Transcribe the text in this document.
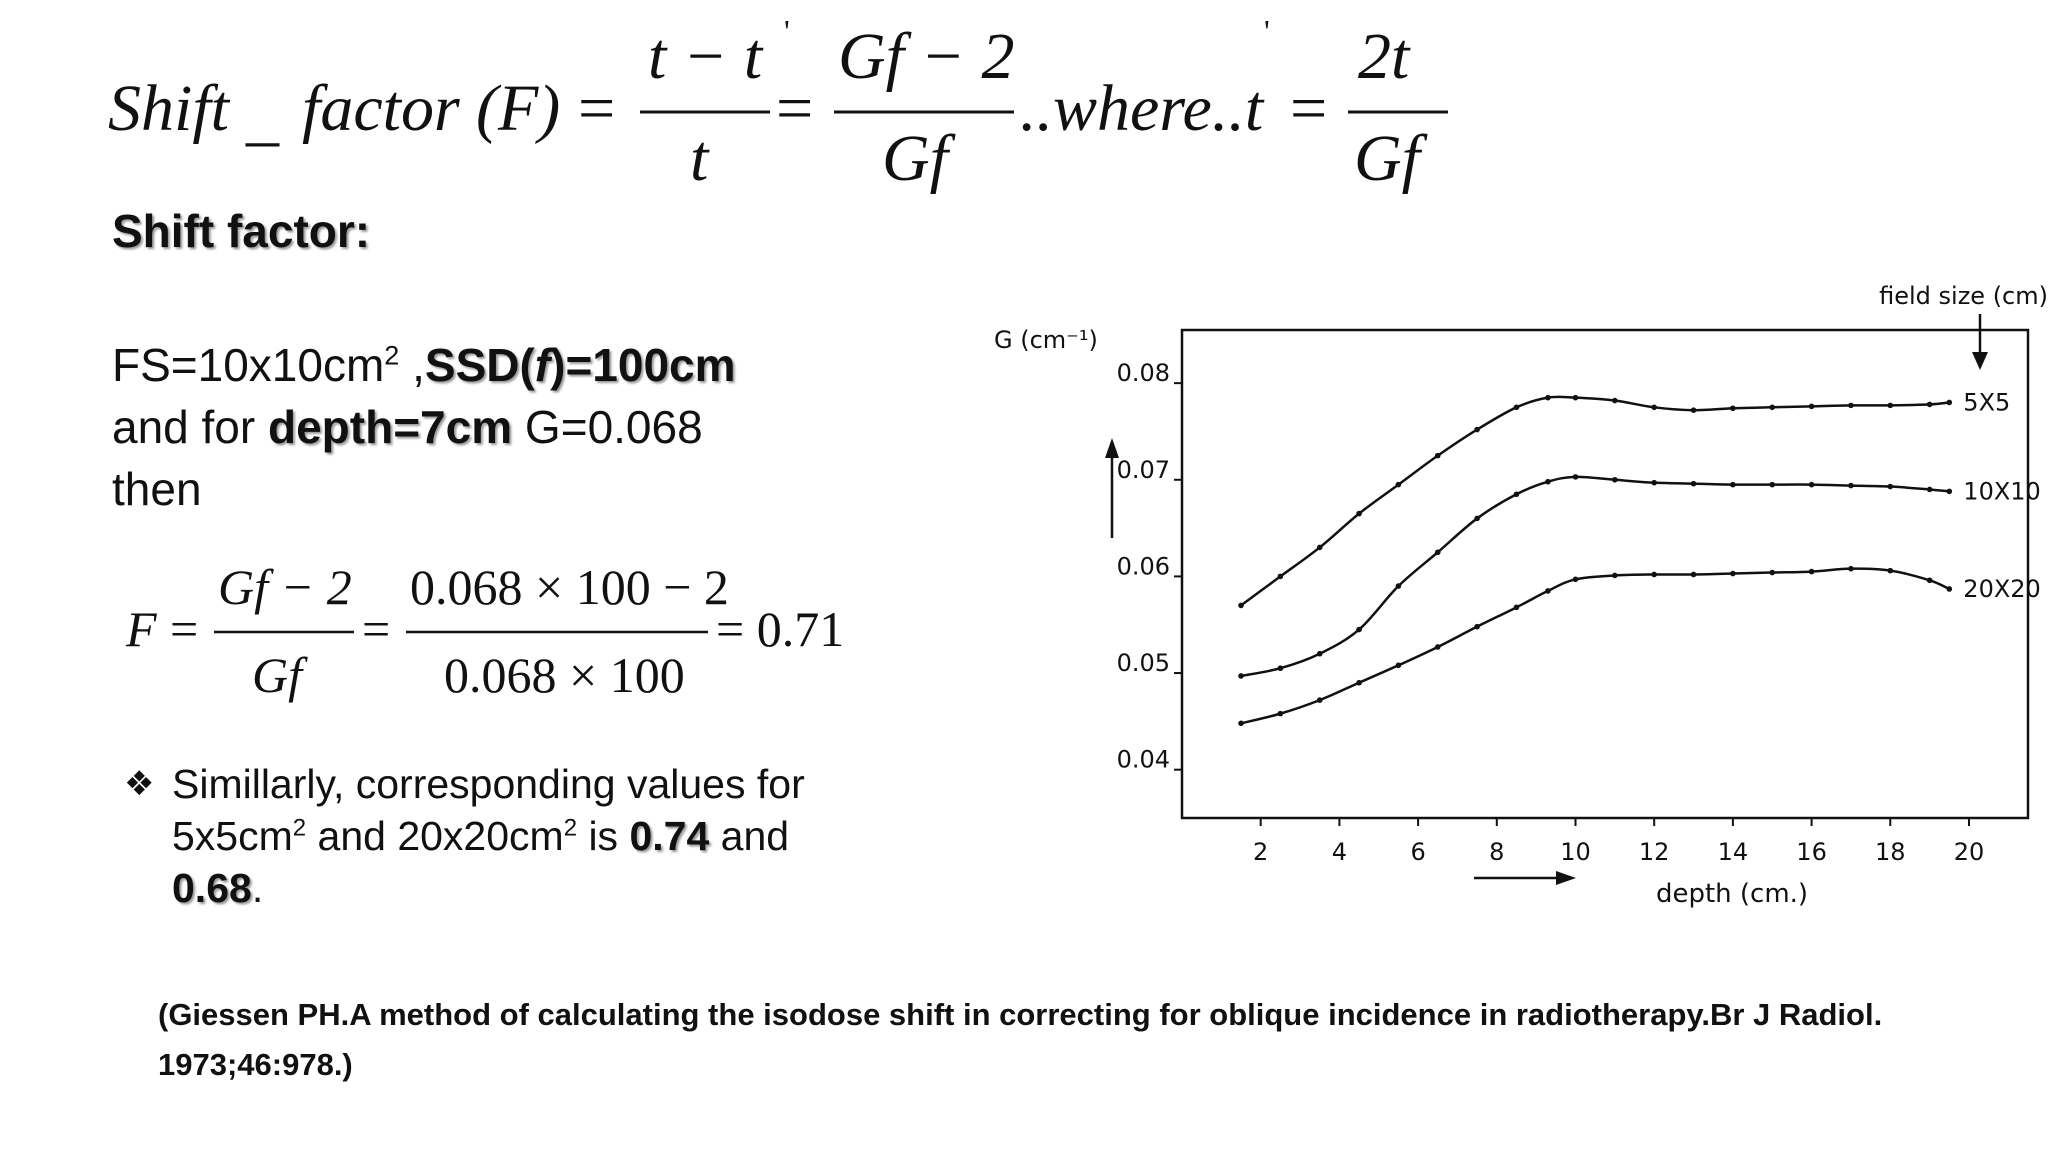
Shift _ factor (F) =
t − t '
t
=
Gf − 2
Gf
..where..t
'
=
2t
Gf
Shift factor:
$FS=10x10cm^2$ ,SSD(f)=100cm
and for depth=7cm G=0.068
then
F =
Gf − 2
Gf
=
0.068 × 100 − 2
0.068 × 100
= 0.71
❖ Simillarly, corresponding values for
$5x5cm^2$ and $20x20cm^2$ is 0.74 and
0.68.
G (cm⁻¹)
field size (cm)
depth (cm.)
2	4	6	8 10 12 14 16 18 20
0.04
0.05
0.06
0.07
0.08
5X5
10X10
20X20
(Giessen PH.A method of calculating the isodose shift in correcting for oblique incidence in radiotherapy.Br J Radiol. 1973;46:978.)
